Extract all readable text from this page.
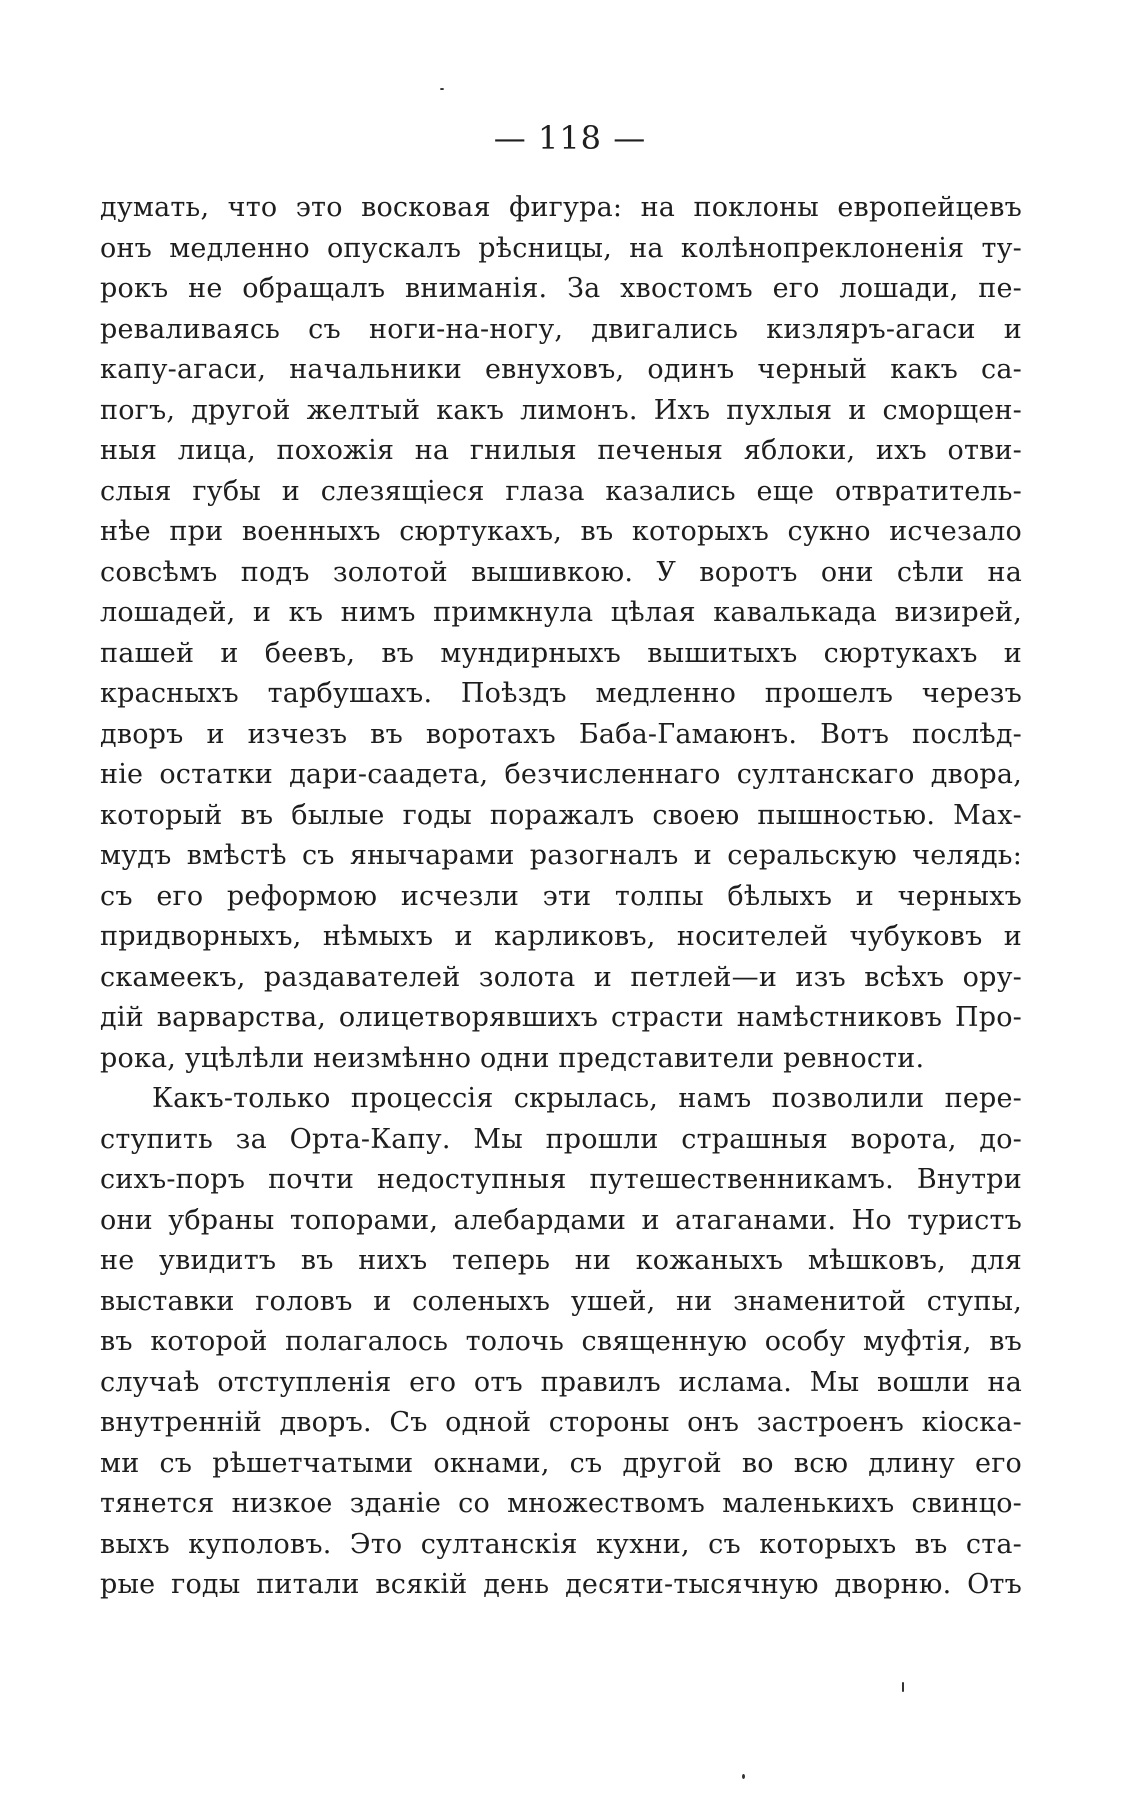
— 118 —
думать, что это восковая фигура: на поклоны европейцевъ
онъ медленно опускалъ рѣсницы, на колѣнопреклоненія ту-
рокъ не обращалъ вниманія. За хвостомъ его лошади, пе-
реваливаясь съ ноги-на-ногу, двигались кизляръ-агаси и
капу-агаси, начальники евнуховъ, одинъ черный какъ са-
погъ, другой желтый какъ лимонъ. Ихъ пухлыя и сморщен-
ныя лица, похожія на гнилыя печеныя яблоки, ихъ отви-
слыя губы и слезящіеся глаза казались еще отвратитель-
нѣе при военныхъ сюртукахъ, въ которыхъ сукно исчезало
совсѣмъ подъ золотой вышивкою. У воротъ они сѣли на
лошадей, и къ нимъ примкнула цѣлая кавалькада визирей,
пашей и беевъ, въ мундирныхъ вышитыхъ сюртукахъ и
красныхъ тарбушахъ. Поѣздъ медленно прошелъ черезъ
дворъ и изчезъ въ воротахъ Баба-Гамаюнъ. Вотъ послѣд-
ніе остатки дари-саадета, безчисленнаго султанскаго двора,
который въ былые годы поражалъ своею пышностью. Мах-
мудъ вмѣстѣ съ янычарами разогналъ и серальскую челядь:
съ его реформою исчезли эти толпы бѣлыхъ и черныхъ
придворныхъ, нѣмыхъ и карликовъ, носителей чубуковъ и
скамеекъ, раздавателей золота и петлей—и изъ всѣхъ ору-
дій варварства, олицетворявшихъ страсти намѣстниковъ Про-
рока, уцѣлѣли неизмѣнно одни представители ревности.
Какъ-только процессія скрылась, намъ позволили пере-
ступить за Орта-Капу. Мы прошли страшныя ворота, до-
сихъ-поръ почти недоступныя путешественникамъ. Внутри
они убраны топорами, алебардами и атаганами. Но туристъ
не увидитъ въ нихъ теперь ни кожаныхъ мѣшковъ, для
выставки головъ и соленыхъ ушей, ни знаменитой ступы,
въ которой полагалось толочь священную особу муфтія, въ
случаѣ отступленія его отъ правилъ ислама. Мы вошли на
внутренній дворъ. Съ одной стороны онъ застроенъ кіоска-
ми съ рѣшетчатыми окнами, съ другой во всю длину его
тянется низкое зданіе со множествомъ маленькихъ свинцо-
выхъ куполовъ. Это султанскія кухни, съ которыхъ въ ста-
рые годы питали всякій день десяти-тысячную дворню. Отъ
